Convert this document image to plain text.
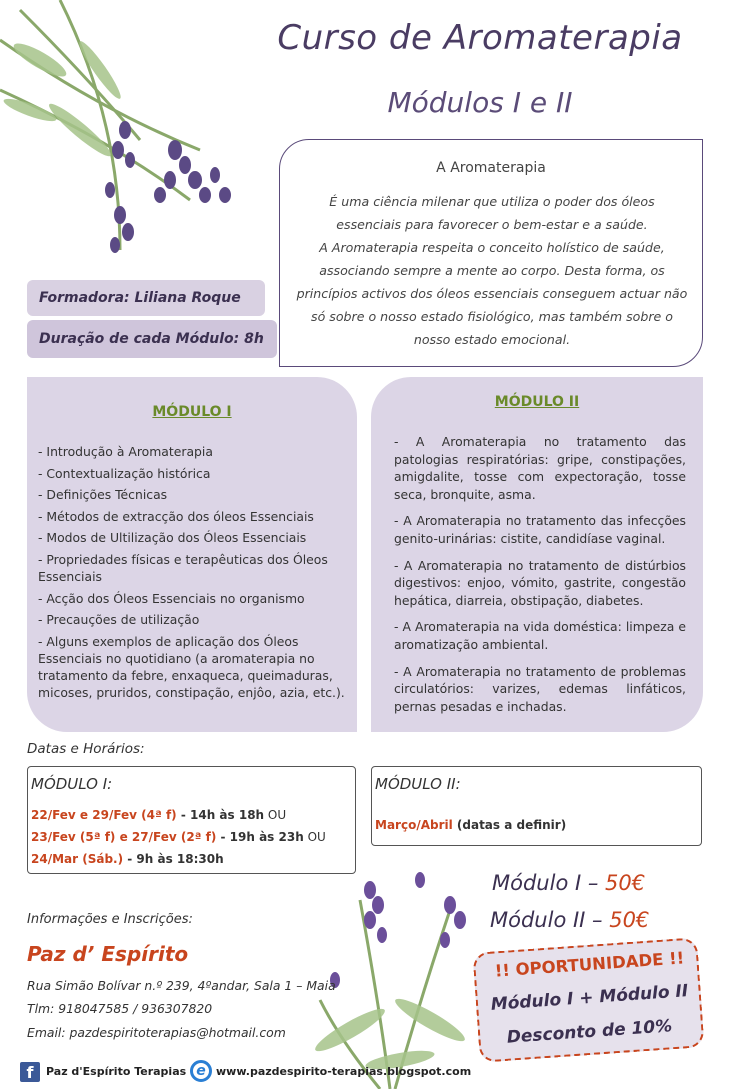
Curso de Aromaterapia
Módulos I e II
A Aromaterapia
É uma ciência milenar que utiliza o poder dos óleos
essenciais para favorecer o bem-estar e a saúde.
A Aromaterapia respeita o conceito holístico de saúde,
associando sempre a mente ao corpo. Desta forma, os
princípios activos dos óleos essenciais conseguem actuar não
só sobre o nosso estado fisiológico, mas também sobre o
nosso estado emocional.
Formadora: Liliana Roque
Duração de cada Módulo: 8h
MÓDULO I
- Introdução à Aromaterapia
- Contextualização histórica
- Definições Técnicas
- Métodos de extracção dos óleos Essenciais
- Modos de Ultilização dos Óleos Essenciais
- Propriedades físicas e terapêuticas dos Óleos Essenciais
- Acção dos Óleos Essenciais no organismo
- Precauções de utilização
- Alguns exemplos de aplicação dos Óleos Essenciais no quotidiano (a aromaterapia no tratamento da febre, enxaqueca, queimaduras, micoses, pruridos, constipação, enjôo, azia, etc.).
MÓDULO II
- A Aromaterapia no tratamento das patologias respiratórias: gripe, constipações, amigdalite, tosse com expectoração, tosse seca, bronquite, asma.
- A Aromaterapia no tratamento das infecções genito-urinárias: cistite, candidíase vaginal.
- A Aromaterapia no tratamento de distúrbios digestivos: enjoo, vómito, gastrite, congestão hepática, diarreia, obstipação, diabetes.
- A Aromaterapia na vida doméstica: limpeza e aromatização ambiental.
- A Aromaterapia no tratamento de problemas circulatórios: varizes, edemas linfáticos, pernas pesadas e inchadas.
Datas e Horários:
MÓDULO I:
22/Fev e 29/Fev (4ª f) - 14h às 18h OU
23/Fev (5ª f) e 27/Fev (2ª f) - 19h às 23h OU
24/Mar (Sáb.) - 9h às 18:30h
MÓDULO II:
Março/Abril (datas a definir)
Informações e Inscrições:
Paz d’ Espírito
Rua Simão Bolívar n.º 239, 4ºandar, Sala 1 – Maia
Tlm: 918047585 / 936307820
Email: pazdespiritoterapias@hotmail.com
Módulo I – 50€
Módulo II – 50€
!! OPORTUNIDADE !!
Módulo I + Módulo II
Desconto de 10%
f	Paz d'Espírito Terapias e www.pazdespirito-terapias.blogspot.com
